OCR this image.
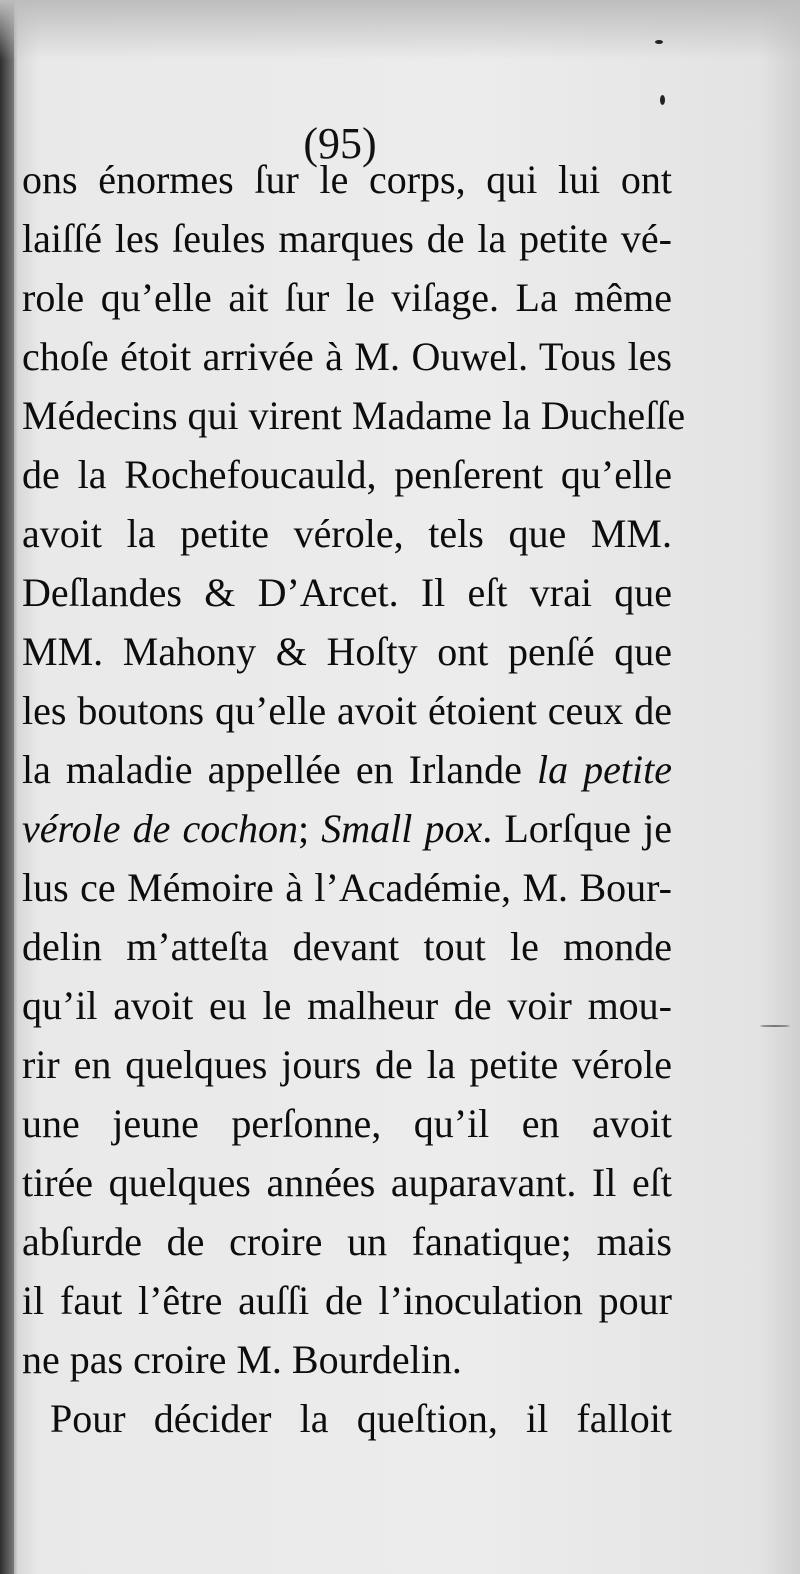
(95)
ons énormes ſur le corps, qui lui ont
laiſſé les ſeules marques de la petite vé-
role qu’elle ait ſur le viſage. La même
choſe étoit arrivée à M. Ouwel. Tous les
Médecins qui virent Madame la Ducheſſe
de la Rochefoucauld, penſerent qu’elle
avoit la petite vérole, tels que MM.
Deſlandes & D’Arcet. Il eſt vrai que
MM. Mahony & Hoſty ont penſé que
les boutons qu’elle avoit étoient ceux de
la maladie appellée en Irlande la petite
vérole de cochon; Small pox. Lorſque je
lus ce Mémoire à l’Académie, M. Bour-
delin m’atteſta devant tout le monde
qu’il avoit eu le malheur de voir mou-
rir en quelques jours de la petite vérole
une jeune perſonne, qu’il en avoit
tirée quelques années auparavant. Il eſt
abſurde de croire un fanatique; mais
il faut l’être auſſi de l’inoculation pour
ne pas croire M. Bourdelin.
Pour décider la queſtion, il falloit
